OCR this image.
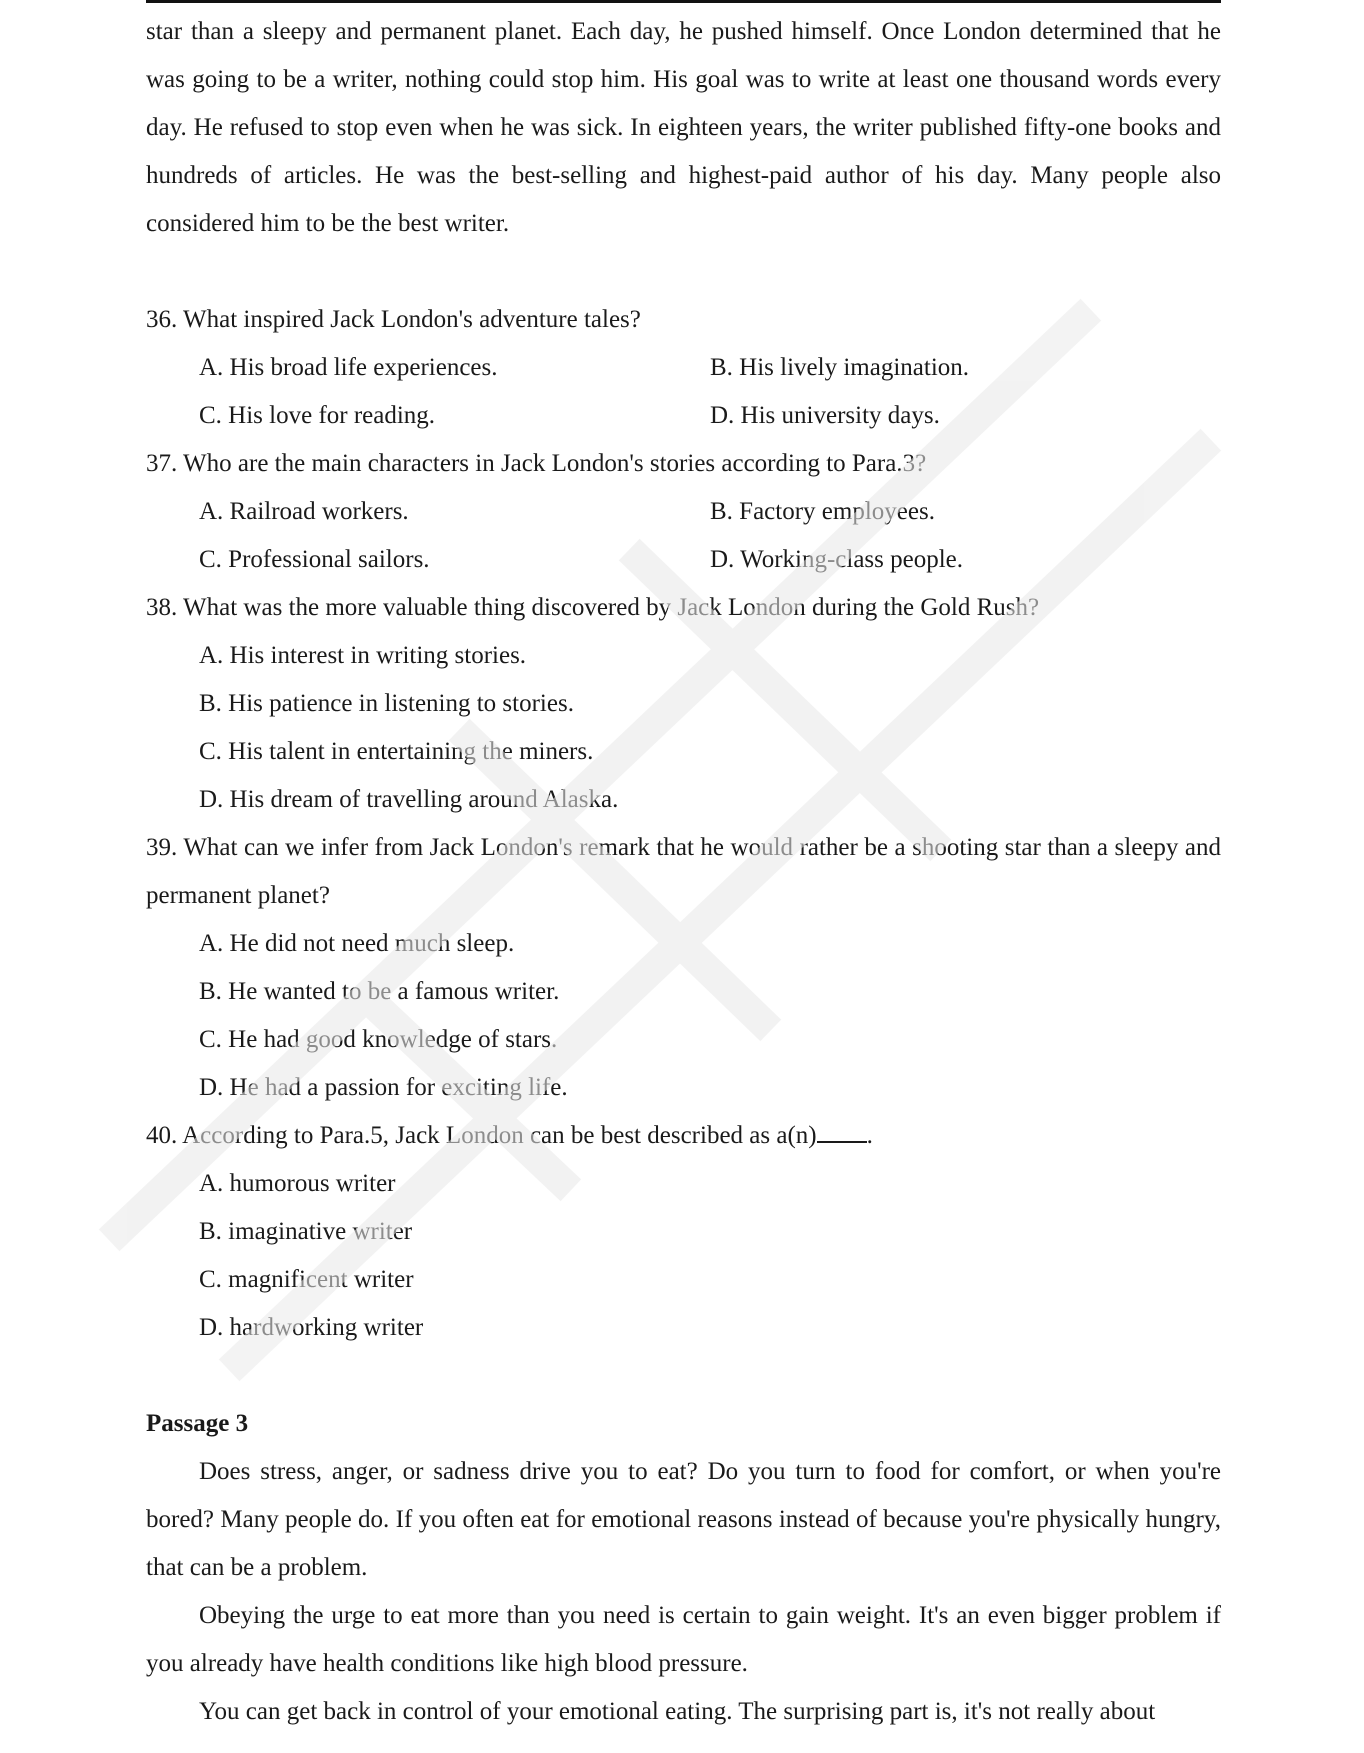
star than a sleepy and permanent planet. Each day, he pushed himself. Once London determined that he was going to be a writer, nothing could stop him. His goal was to write at least one thousand words every day. He refused to stop even when he was sick. In eighteen years, the writer published fifty-one books and hundreds of articles. He was the best-selling and highest-paid author of his day. Many people also considered him to be the best writer.

36. What inspired Jack London's adventure tales?

A. His broad life experiences.	B. His lively imagination.
C. His love for reading.	D. His university days.

37. Who are the main characters in Jack London's stories according to Para.3?

A. Railroad workers.	B. Factory employees.
C. Professional sailors.	D. Working-class people.

38. What was the more valuable thing discovered by Jack London during the Gold Rush?

A. His interest in writing stories.
B. His patience in listening to stories.
C. His talent in entertaining the miners.
D. His dream of travelling around Alaska.

39. What can we infer from Jack London's remark that he would rather be a shooting star than a sleepy and permanent planet?

A. He did not need much sleep.
B. He wanted to be a famous writer.
C. He had good knowledge of stars.
D. He had a passion for exciting life.

40. According to Para.5, Jack London can be best described as a(n) .

A. humorous writer
B. imaginative writer
C. magnificent writer
D. hardworking writer

Passage 3

Does stress, anger, or sadness drive you to eat? Do you turn to food for comfort, or when you're bored? Many people do. If you often eat for emotional reasons instead of because you're physically hungry, that can be a problem.

Obeying the urge to eat more than you need is certain to gain weight. It's an even bigger problem if you already have health conditions like high blood pressure.

You can get back in control of your emotional eating. The surprising part is, it's not really about
